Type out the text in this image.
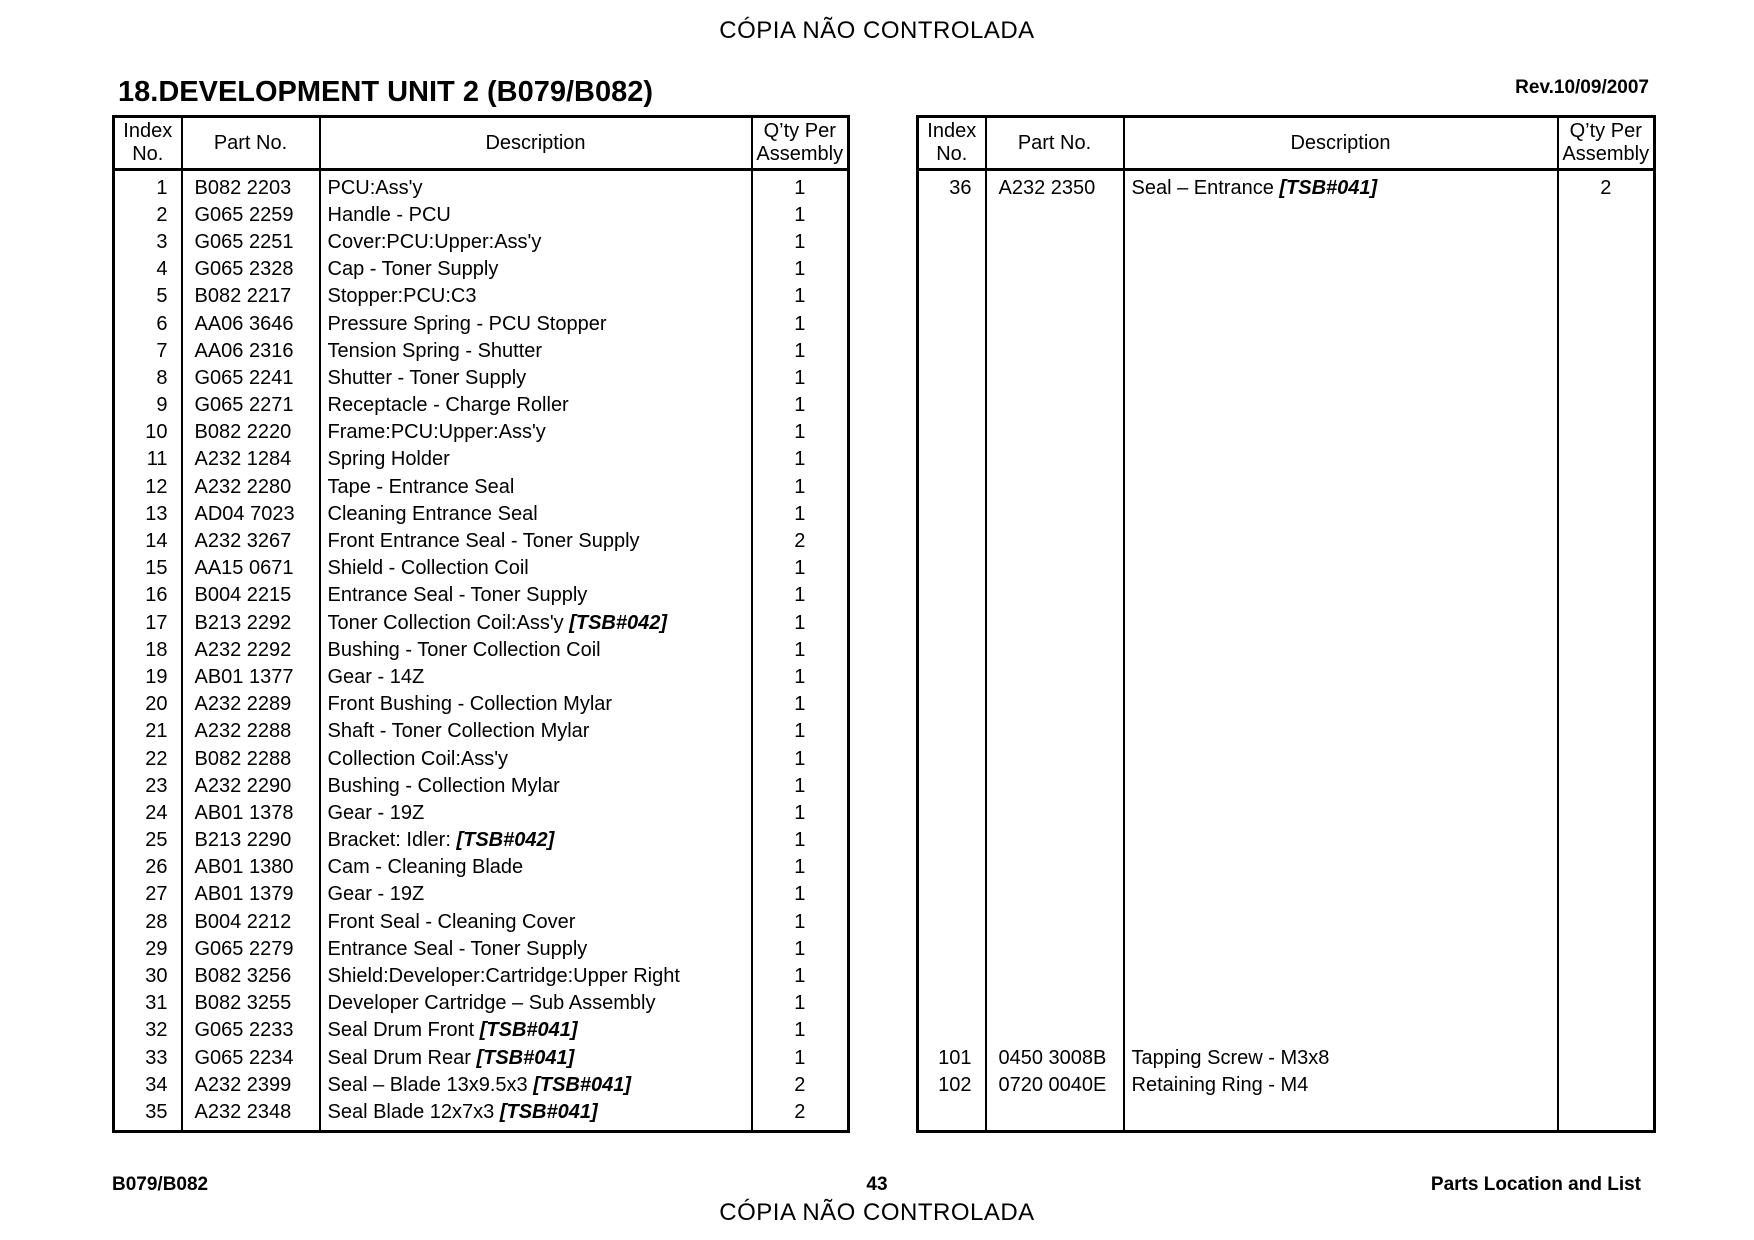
CÓPIA NÃO CONTROLADA
18.DEVELOPMENT UNIT 2 (B079/B082)	Rev.10/09/2007
Index
No.	Part No.	Description	Q’ty Per
Assembly
1	B082 2203	PCU:Ass'y	1
2	G065 2259	Handle - PCU	1
3	G065 2251	Cover:PCU:Upper:Ass'y	1
4	G065 2328	Cap - Toner Supply	1
5	B082 2217	Stopper:PCU:C3	1
6	AA06 3646	Pressure Spring - PCU Stopper	1
7	AA06 2316	Tension Spring - Shutter	1
8	G065 2241	Shutter - Toner Supply	1
9	G065 2271	Receptacle - Charge Roller	1
10	B082 2220	Frame:PCU:Upper:Ass'y	1
11	A232 1284	Spring Holder	1
12	A232 2280	Tape - Entrance Seal	1
13	AD04 7023	Cleaning Entrance Seal	1
14	A232 3267	Front Entrance Seal - Toner Supply	2
15	AA15 0671	Shield - Collection Coil	1
16	B004 2215	Entrance Seal - Toner Supply	1
17	B213 2292	Toner Collection Coil:Ass'y [TSB#042]	1
18	A232 2292	Bushing - Toner Collection Coil	1
19	AB01 1377	Gear - 14Z	1
20	A232 2289	Front Bushing - Collection Mylar	1
21	A232 2288	Shaft - Toner Collection Mylar	1
22	B082 2288	Collection Coil:Ass'y	1
23	A232 2290	Bushing - Collection Mylar	1
24	AB01 1378	Gear - 19Z	1
25	B213 2290	Bracket: Idler: [TSB#042]	1
26	AB01 1380	Cam - Cleaning Blade	1
27	AB01 1379	Gear - 19Z	1
28	B004 2212	Front Seal - Cleaning Cover	1
29	G065 2279	Entrance Seal - Toner Supply	1
30	B082 3256	Shield:Developer:Cartridge:Upper Right	1
31	B082 3255	Developer Cartridge – Sub Assembly	1
32	G065 2233	Seal Drum Front [TSB#041]	1
33	G065 2234	Seal Drum Rear [TSB#041]	1
34	A232 2399	Seal – Blade 13x9.5x3 [TSB#041]	2
35	A232 2348	Seal Blade 12x7x3 [TSB#041]	2
Index
No.	Part No.	Description	Q’ty Per
Assembly
36	A232 2350	Seal – Entrance [TSB#041]	2

101	0450 3008B	Tapping Screw - M3x8	
102	0720 0040E	Retaining Ring - M4	

B079/B082	43	Parts Location and List
CÓPIA NÃO CONTROLADA
